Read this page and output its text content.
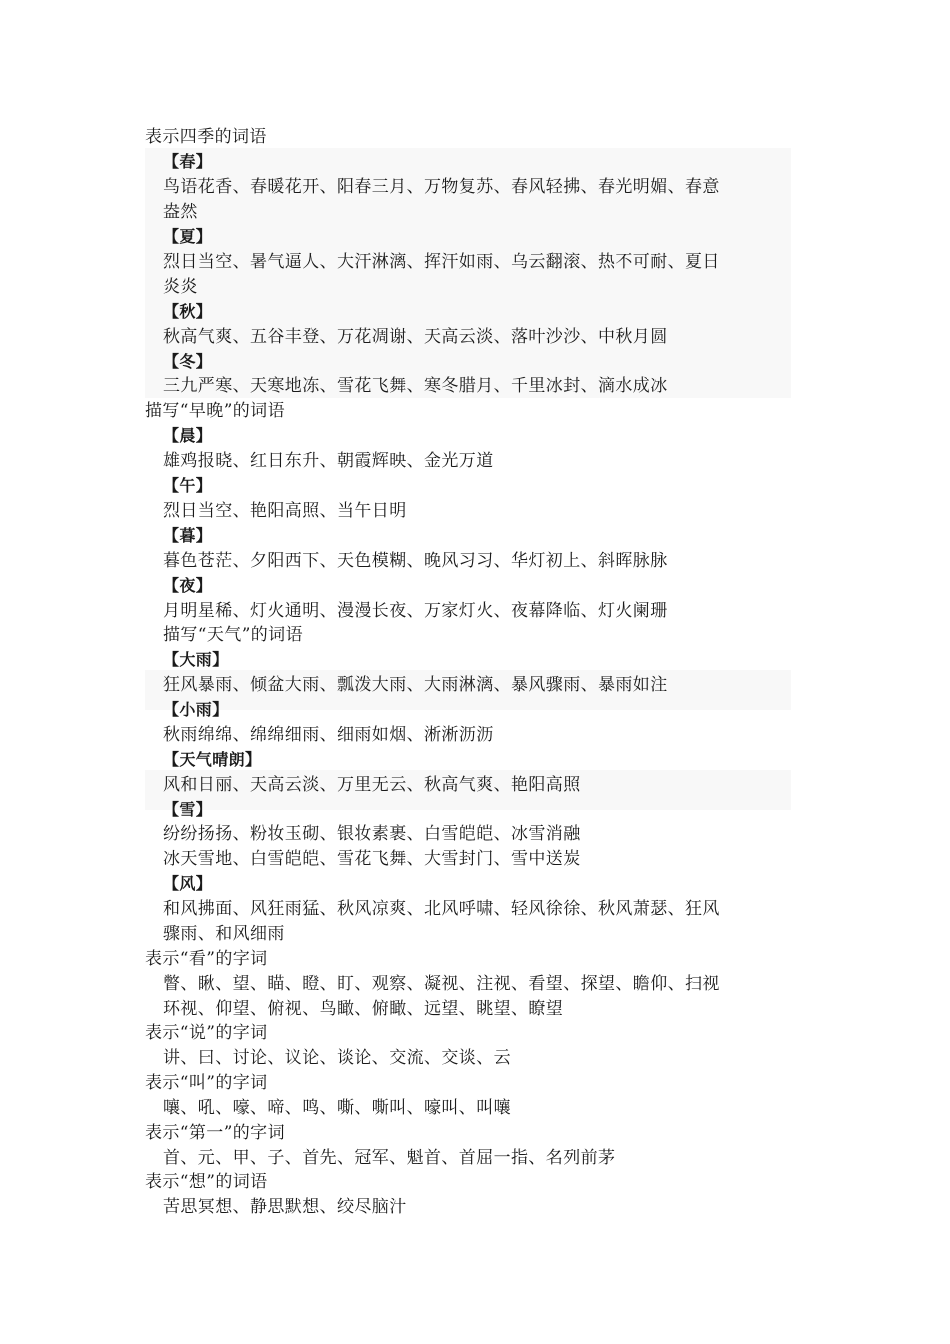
表示四季的词语
【春】
鸟语花香、春暖花开、阳春三月、万物复苏、春风轻拂、春光明媚、春意
盎然
【夏】
烈日当空、暑气逼人、大汗淋漓、挥汗如雨、乌云翻滚、热不可耐、夏日
炎炎
【秋】
秋高气爽、五谷丰登、万花凋谢、天高云淡、落叶沙沙、中秋月圆
【冬】
三九严寒、天寒地冻、雪花飞舞、寒冬腊月、千里冰封、滴水成冰
描写“早晚”的词语
【晨】
雄鸡报晓、红日东升、朝霞辉映、金光万道
【午】
烈日当空、艳阳高照、当午日明
【暮】
暮色苍茫、夕阳西下、天色模糊、晚风习习、华灯初上、斜晖脉脉
【夜】
月明星稀、灯火通明、漫漫长夜、万家灯火、夜幕降临、灯火阑珊
描写“天气”的词语
【大雨】
狂风暴雨、倾盆大雨、瓢泼大雨、大雨淋漓、暴风骤雨、暴雨如注
【小雨】
秋雨绵绵、绵绵细雨、细雨如烟、淅淅沥沥
【天气晴朗】
风和日丽、天高云淡、万里无云、秋高气爽、艳阳高照
【雪】
纷纷扬扬、粉妆玉砌、银妆素裹、白雪皑皑、冰雪消融
冰天雪地、白雪皑皑、雪花飞舞、大雪封门、雪中送炭
【风】
和风拂面、风狂雨猛、秋风凉爽、北风呼啸、轻风徐徐、秋风萧瑟、狂风
骤雨、和风细雨
表示“看”的字词
瞥、瞅、望、瞄、瞪、盯、观察、凝视、注视、看望、探望、瞻仰、扫视
环视、仰望、俯视、鸟瞰、俯瞰、远望、眺望、瞭望
表示“说”的字词
讲、曰、讨论、议论、谈论、交流、交谈、云
表示“叫”的字词
嚷、吼、嚎、啼、鸣、嘶、嘶叫、嚎叫、叫嚷
表示“第一”的字词
首、元、甲、子、首先、冠军、魁首、首屈一指、名列前茅
表示“想”的词语
苦思冥想、静思默想、绞尽脑汁
